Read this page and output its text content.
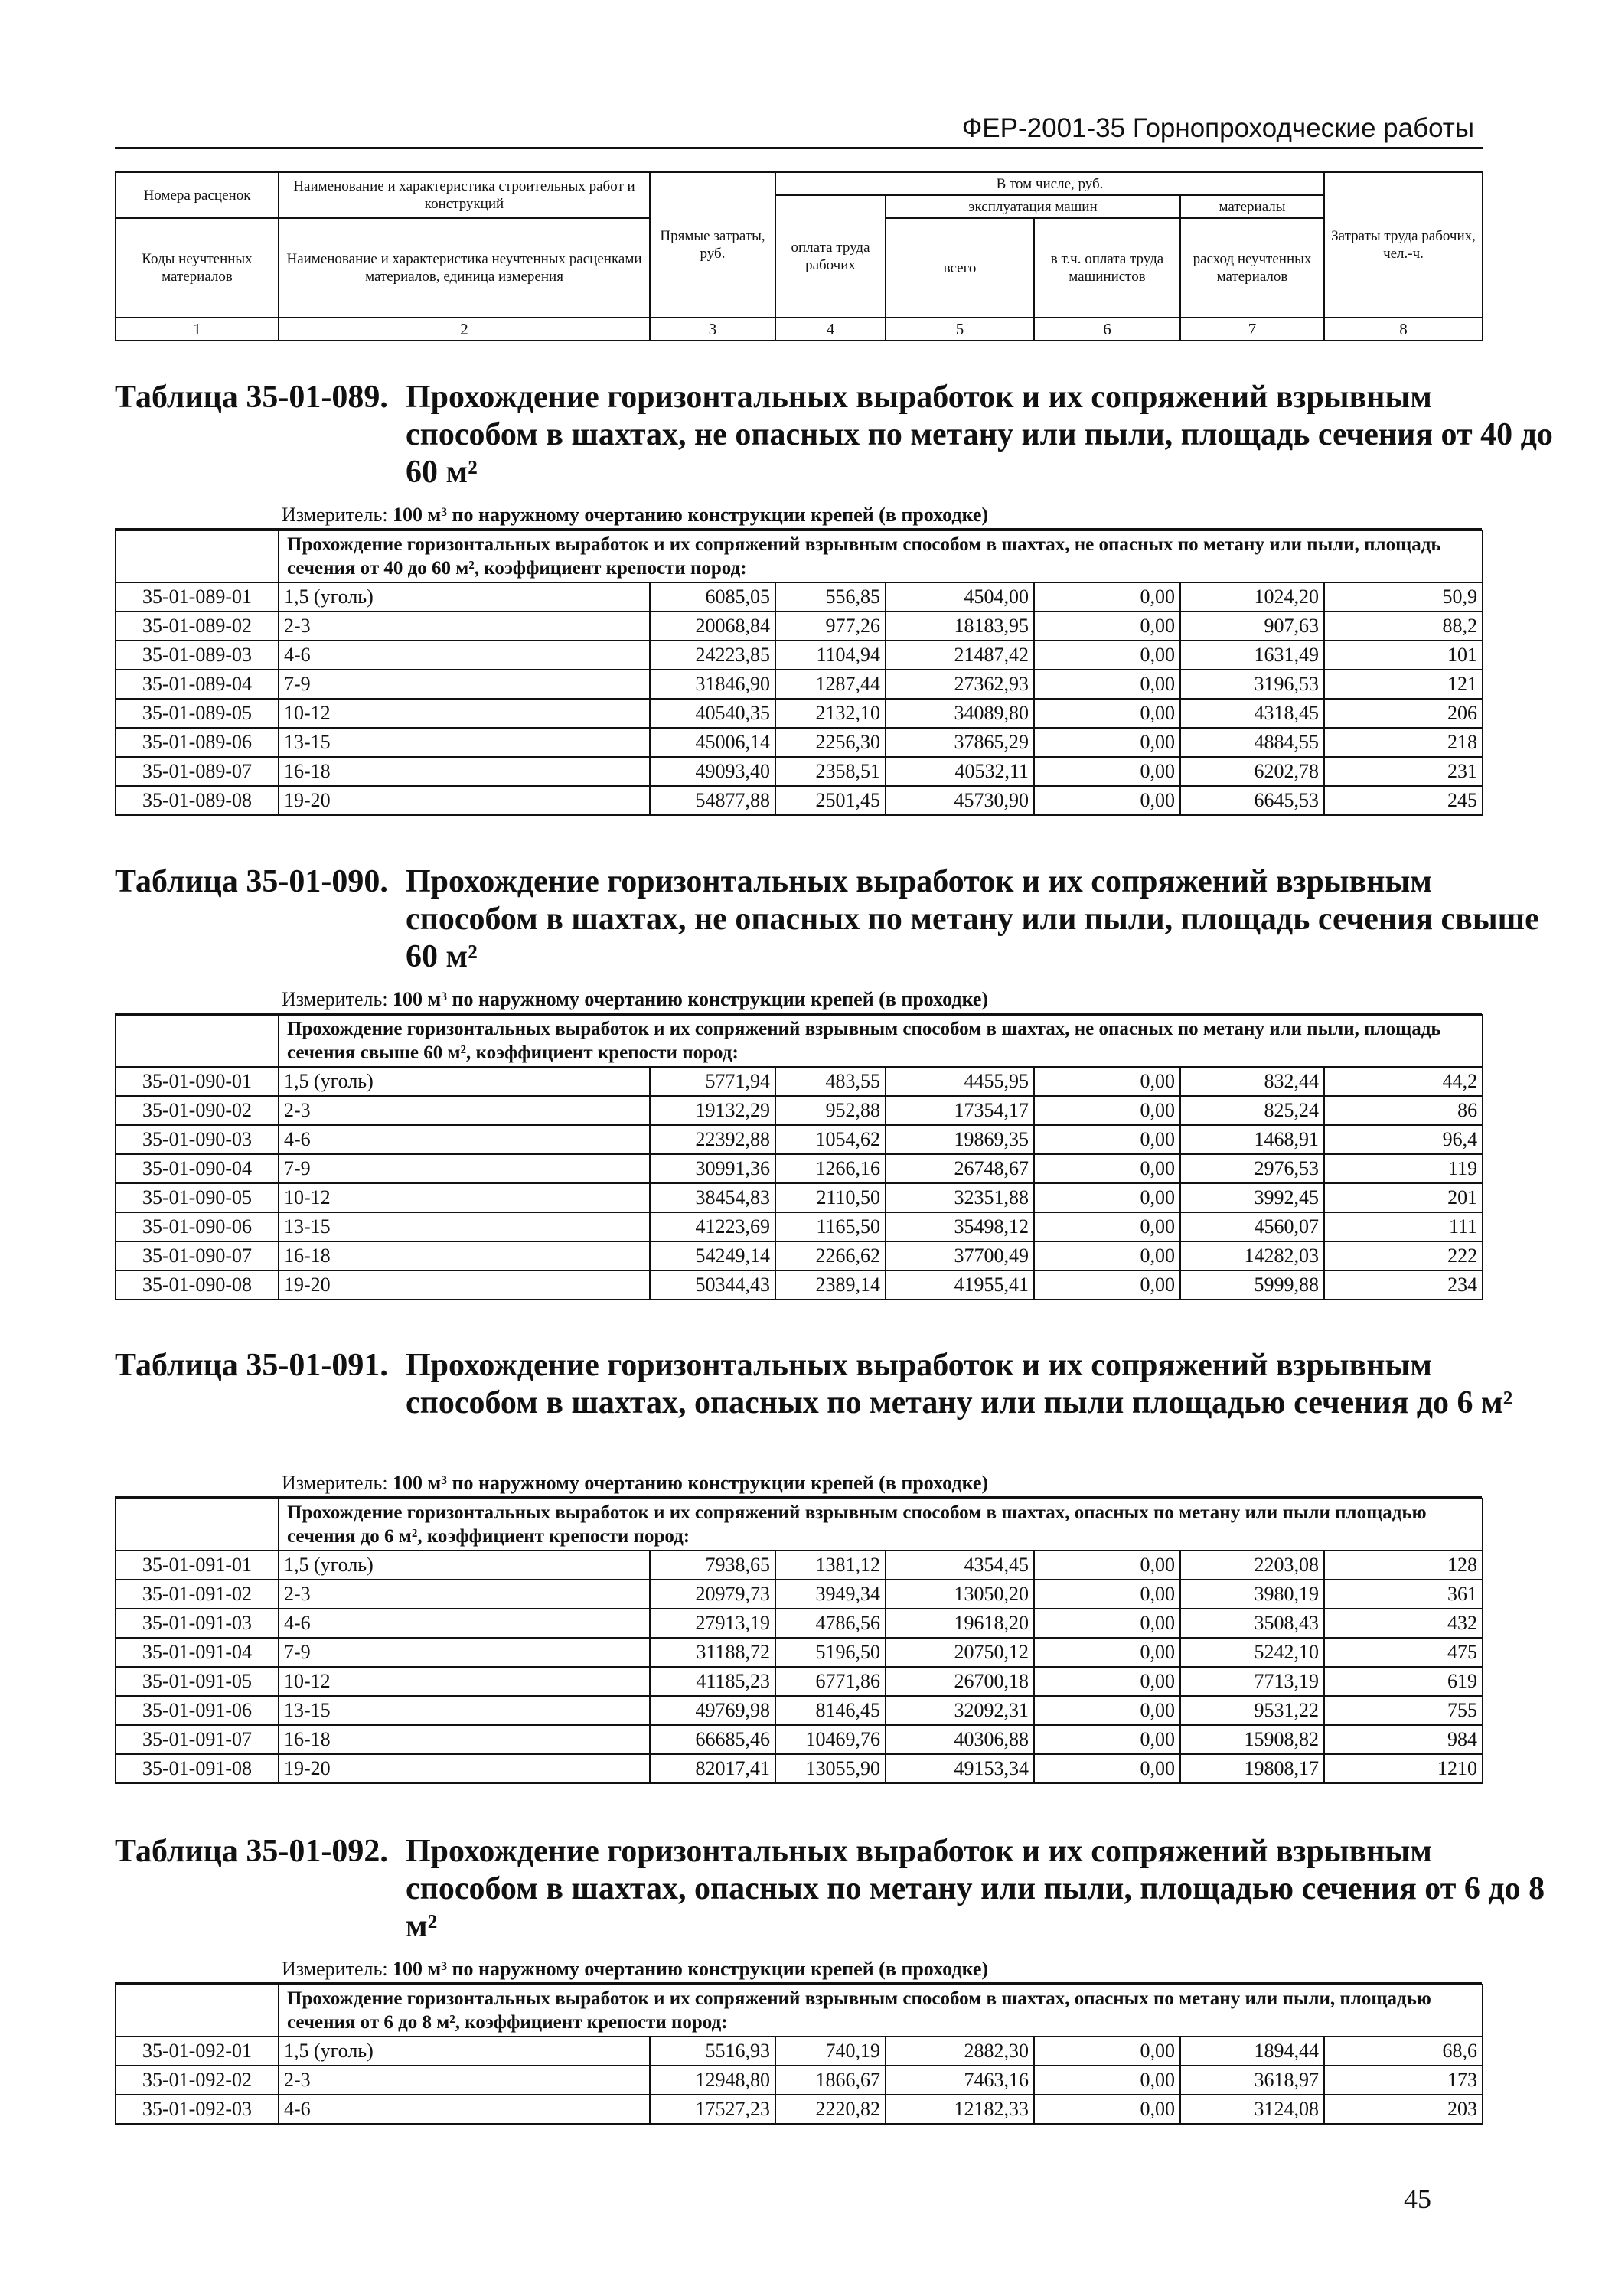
ФЕР-2001-35 Горнопроходческие работы
Номера расценок	Наименование и характеристика строительных работ и конструкций	Прямые затраты, руб.	В том числе, руб.				Затраты труда рабочих, чел.-ч.
			оплата труда рабочих	эксплуатация машин		материалы	
Коды неучтенных материалов	Наименование и характеристика неучтенных расценками материалов, единица измерения			всего	в т.ч. оплата труда машинистов	расход неучтенных материалов	

1	2	3	4	5	6	7	8
Таблица 35-01-089. Прохождение горизонтальных выработок и их сопряжений взрывным способом в шахтах, не опасных по метану или пыли, площадь сечения от 40 до 60 м²
Измеритель: 100 м³ по наружному очертанию конструкции крепей (в проходке)
	Прохождение горизонтальных выработок и их сопряжений взрывным способом в шахтах, не опасных по метану или пыли, площадь сечения от 40 до 60 м², коэффициент крепости пород:						
35-01-089-01	1,5 (уголь)	6085,05	556,85	4504,00	0,00	1024,20	50,9
35-01-089-02	2-3	20068,84	977,26	18183,95	0,00	907,63	88,2
35-01-089-03	4-6	24223,85	1104,94	21487,42	0,00	1631,49	101
35-01-089-04	7-9	31846,90	1287,44	27362,93	0,00	3196,53	121
35-01-089-05	10-12	40540,35	2132,10	34089,80	0,00	4318,45	206
35-01-089-06	13-15	45006,14	2256,30	37865,29	0,00	4884,55	218
35-01-089-07	16-18	49093,40	2358,51	40532,11	0,00	6202,78	231
35-01-089-08	19-20	54877,88	2501,45	45730,90	0,00	6645,53	245
Таблица 35-01-090. Прохождение горизонтальных выработок и их сопряжений взрывным способом в шахтах, не опасных по метану или пыли, площадь сечения свыше 60 м²
Измеритель: 100 м³ по наружному очертанию конструкции крепей (в проходке)
	Прохождение горизонтальных выработок и их сопряжений взрывным способом в шахтах, не опасных по метану или пыли, площадь сечения свыше 60 м², коэффициент крепости пород:						
35-01-090-01	1,5 (уголь)	5771,94	483,55	4455,95	0,00	832,44	44,2
35-01-090-02	2-3	19132,29	952,88	17354,17	0,00	825,24	86
35-01-090-03	4-6	22392,88	1054,62	19869,35	0,00	1468,91	96,4
35-01-090-04	7-9	30991,36	1266,16	26748,67	0,00	2976,53	119
35-01-090-05	10-12	38454,83	2110,50	32351,88	0,00	3992,45	201
35-01-090-06	13-15	41223,69	1165,50	35498,12	0,00	4560,07	111
35-01-090-07	16-18	54249,14	2266,62	37700,49	0,00	14282,03	222
35-01-090-08	19-20	50344,43	2389,14	41955,41	0,00	5999,88	234
Таблица 35-01-091. Прохождение горизонтальных выработок и их сопряжений взрывным способом в шахтах, опасных по метану или пыли площадью сечения до 6 м²
Измеритель: 100 м³ по наружному очертанию конструкции крепей (в проходке)
	Прохождение горизонтальных выработок и их сопряжений взрывным способом в шахтах, опасных по метану или пыли площадью сечения до 6 м², коэффициент крепости пород:						
35-01-091-01	1,5 (уголь)	7938,65	1381,12	4354,45	0,00	2203,08	128
35-01-091-02	2-3	20979,73	3949,34	13050,20	0,00	3980,19	361
35-01-091-03	4-6	27913,19	4786,56	19618,20	0,00	3508,43	432
35-01-091-04	7-9	31188,72	5196,50	20750,12	0,00	5242,10	475
35-01-091-05	10-12	41185,23	6771,86	26700,18	0,00	7713,19	619
35-01-091-06	13-15	49769,98	8146,45	32092,31	0,00	9531,22	755
35-01-091-07	16-18	66685,46	10469,76	40306,88	0,00	15908,82	984
35-01-091-08	19-20	82017,41	13055,90	49153,34	0,00	19808,17	1210
Таблица 35-01-092. Прохождение горизонтальных выработок и их сопряжений взрывным способом в шахтах, опасных по метану или пыли, площадью сечения от 6 до 8 м²
Измеритель: 100 м³ по наружному очертанию конструкции крепей (в проходке)
	Прохождение горизонтальных выработок и их сопряжений взрывным способом в шахтах, опасных по метану или пыли, площадью сечения от 6 до 8 м², коэффициент крепости пород:						
35-01-092-01	1,5 (уголь)	5516,93	740,19	2882,30	0,00	1894,44	68,6
35-01-092-02	2-3	12948,80	1866,67	7463,16	0,00	3618,97	173
35-01-092-03	4-6	17527,23	2220,82	12182,33	0,00	3124,08	203
45
